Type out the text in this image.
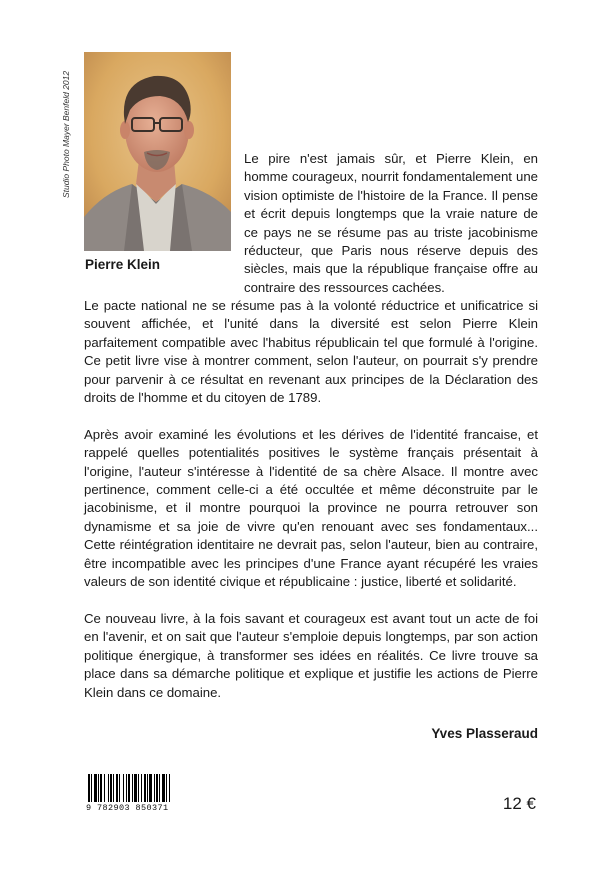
Studio Photo Mayer Benfeld 2012
Pierre Klein
Le pire n'est jamais sûr, et Pierre Klein, en homme courageux, nourrit fondamentalement une vision optimiste de l'histoire de la France. Il pense et écrit depuis longtemps que la vraie nature de ce pays ne se résume pas au triste jacobinisme réducteur, que Paris nous réserve depuis des siècles, mais que la république française offre au contraire des ressources cachées.

Le pacte national ne se résume pas à la volonté réductrice et unificatrice si souvent affichée, et l'unité dans la diversité est selon Pierre Klein parfaitement compatible avec l'habitus républicain tel que formulé à l'origine. Ce petit livre vise à montrer comment, selon l'auteur, on pourrait s'y prendre pour parvenir à ce résultat en revenant aux principes de la Déclaration des droits de l'homme et du citoyen de 1789.

Après avoir examiné les évolutions et les dérives de l'identité francaise, et rappelé quelles potentialités positives le système français présentait à l'origine, l'auteur s'intéresse à l'identité de sa chère Alsace. Il montre avec pertinence, comment celle-ci a été occultée et même déconstruite par le jacobinisme, et il montre pourquoi la province ne pourra retrouver son dynamisme et sa joie de vivre qu'en renouant avec ses fondamentaux... Cette réintégration identitaire ne devrait pas, selon l'auteur, bien au contraire, être incompatible avec les principes d'une France ayant récupéré les vraies valeurs de son identité civique et républicaine : justice, liberté et solidarité.

Ce nouveau livre, à la fois savant et courageux est avant tout un acte de foi en l'avenir, et on sait que l'auteur s'emploie depuis longtemps, par son action politique énergique, à transformer ses idées en réalités. Ce livre trouve sa place dans sa démarche politique et explique et justifie les actions de Pierre Klein dans ce domaine.

Yves Plasseraud
9 782903 850371	12 €
